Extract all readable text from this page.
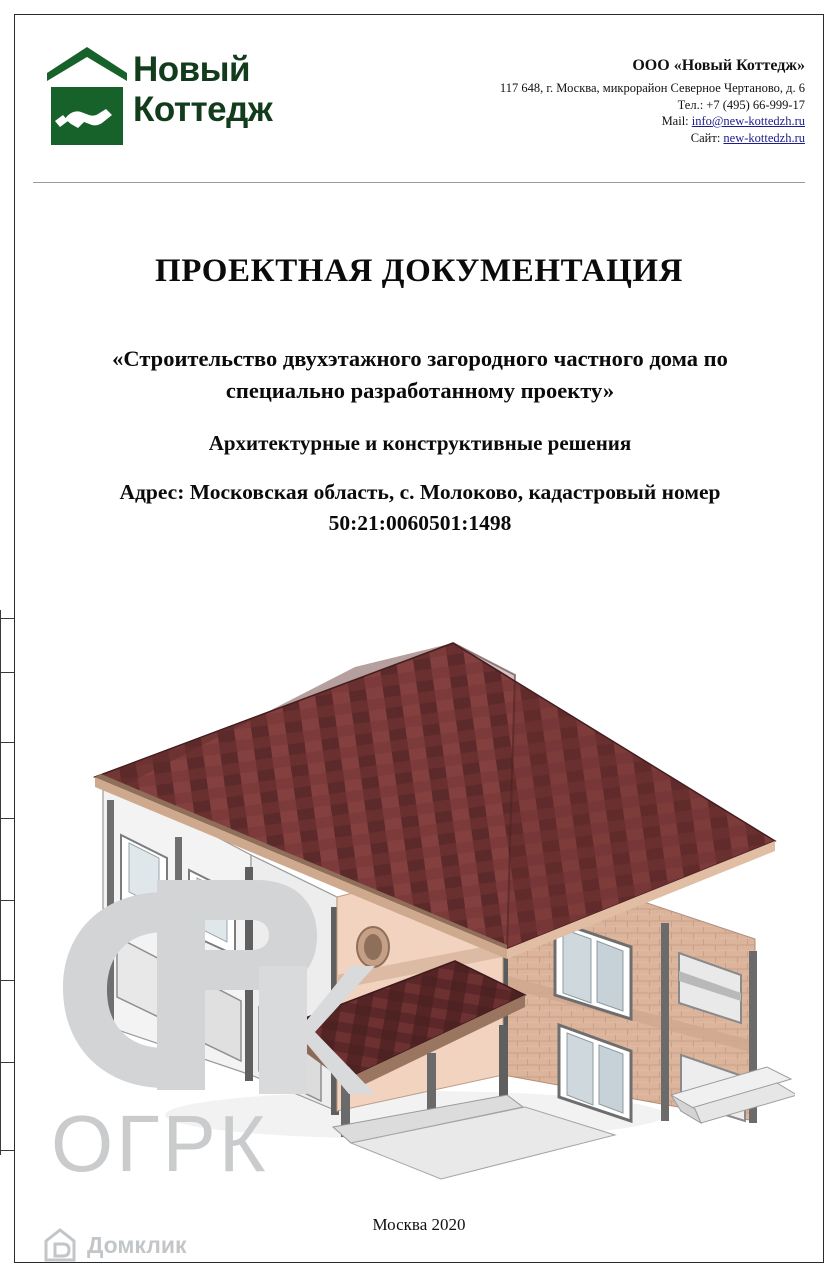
Новый
Коттедж
ООО «Новый Коттедж»
117 648, г. Москва, микрорайон Северное Чертаново, д. 6
Тел.: +7 (495) 66-999-17
Mail: info@new-kottedzh.ru
Сайт: new-kottedzh.ru
ПРОЕКТНАЯ ДОКУМЕНТАЦИЯ
«Строительство двухэтажного загородного частного дома по специально разработанному проекту»
Архитектурные и конструктивные решения
Адрес: Московская область, с. Молоково, кадастровый номер 50:21:0060501:1498
ОГРК
Домклик
Москва 2020
